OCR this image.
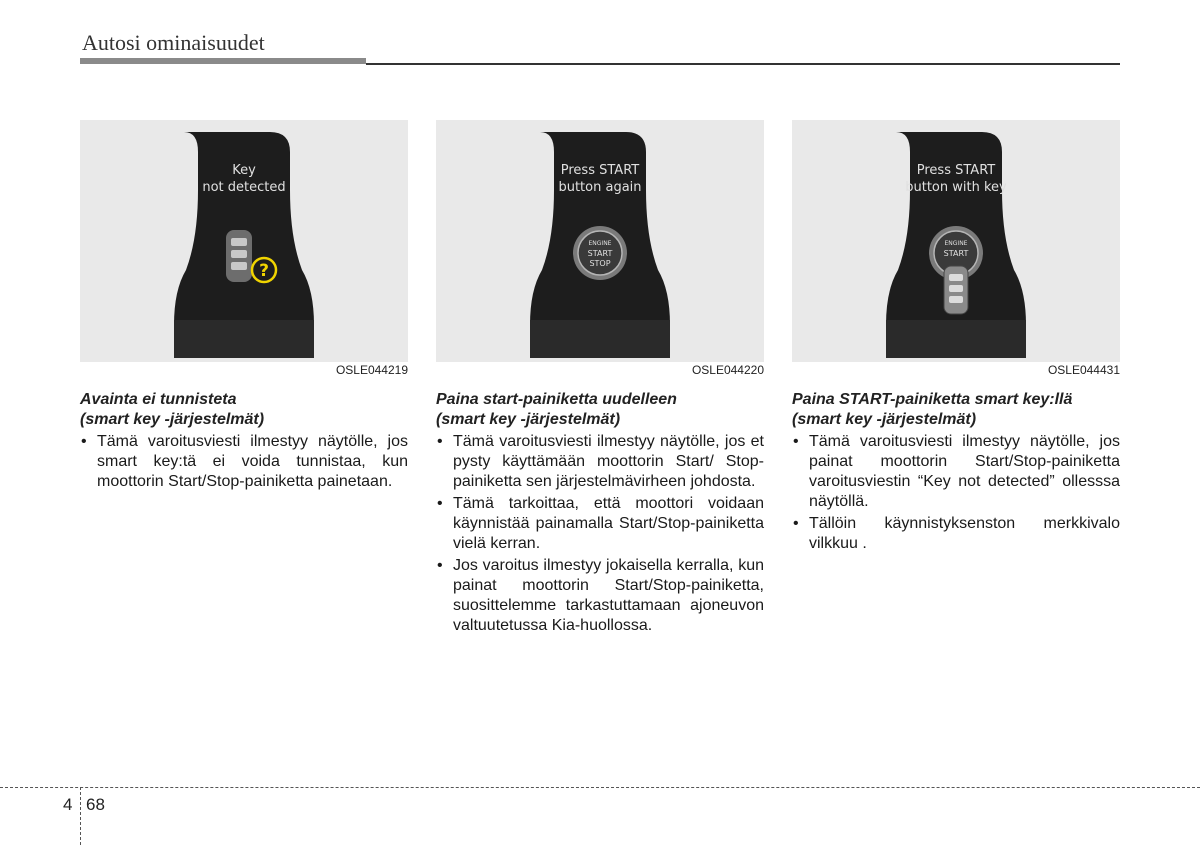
Autosi ominaisuudet
Key
not detected
?
OSLE044219
Avainta ei tunnisteta
(smart key -järjestelmät)
• Tämä varoitusviesti ilmestyy näytölle, jos smart key:tä ei voida tunnistaa, kun moottorin Start/Stop-painiketta painetaan.
Press START
button again
ENGINE
START
STOP
OSLE044220
Paina start-painiketta uudelleen
(smart key -järjestelmät)
• Tämä varoitusviesti ilmestyy näytölle, jos et pysty käyttämään moottorin Start/ Stop-painiketta sen järjestelmävirheen johdosta.
• Tämä tarkoittaa, että moottori voidaan käynnistää painamalla Start/Stop-painiketta vielä kerran.
• Jos varoitus ilmestyy jokaisella kerralla, kun painat moottorin Start/Stop-painiketta, suosittelemme tarkastuttamaan ajoneuvon valtuutetussa Kia-huollossa.
Press START
button with key
ENGINE
START
OSLE044431
Paina START-painiketta smart key:llä
(smart key -järjestelmät)
• Tämä varoitusviesti ilmestyy näytölle, jos painat moottorin Start/Stop-painiketta varoitusviestin “Key not detected” ollesssa näytöllä.
• Tällöin käynnistyksenston merkkivalo vilkkuu .
4 68
